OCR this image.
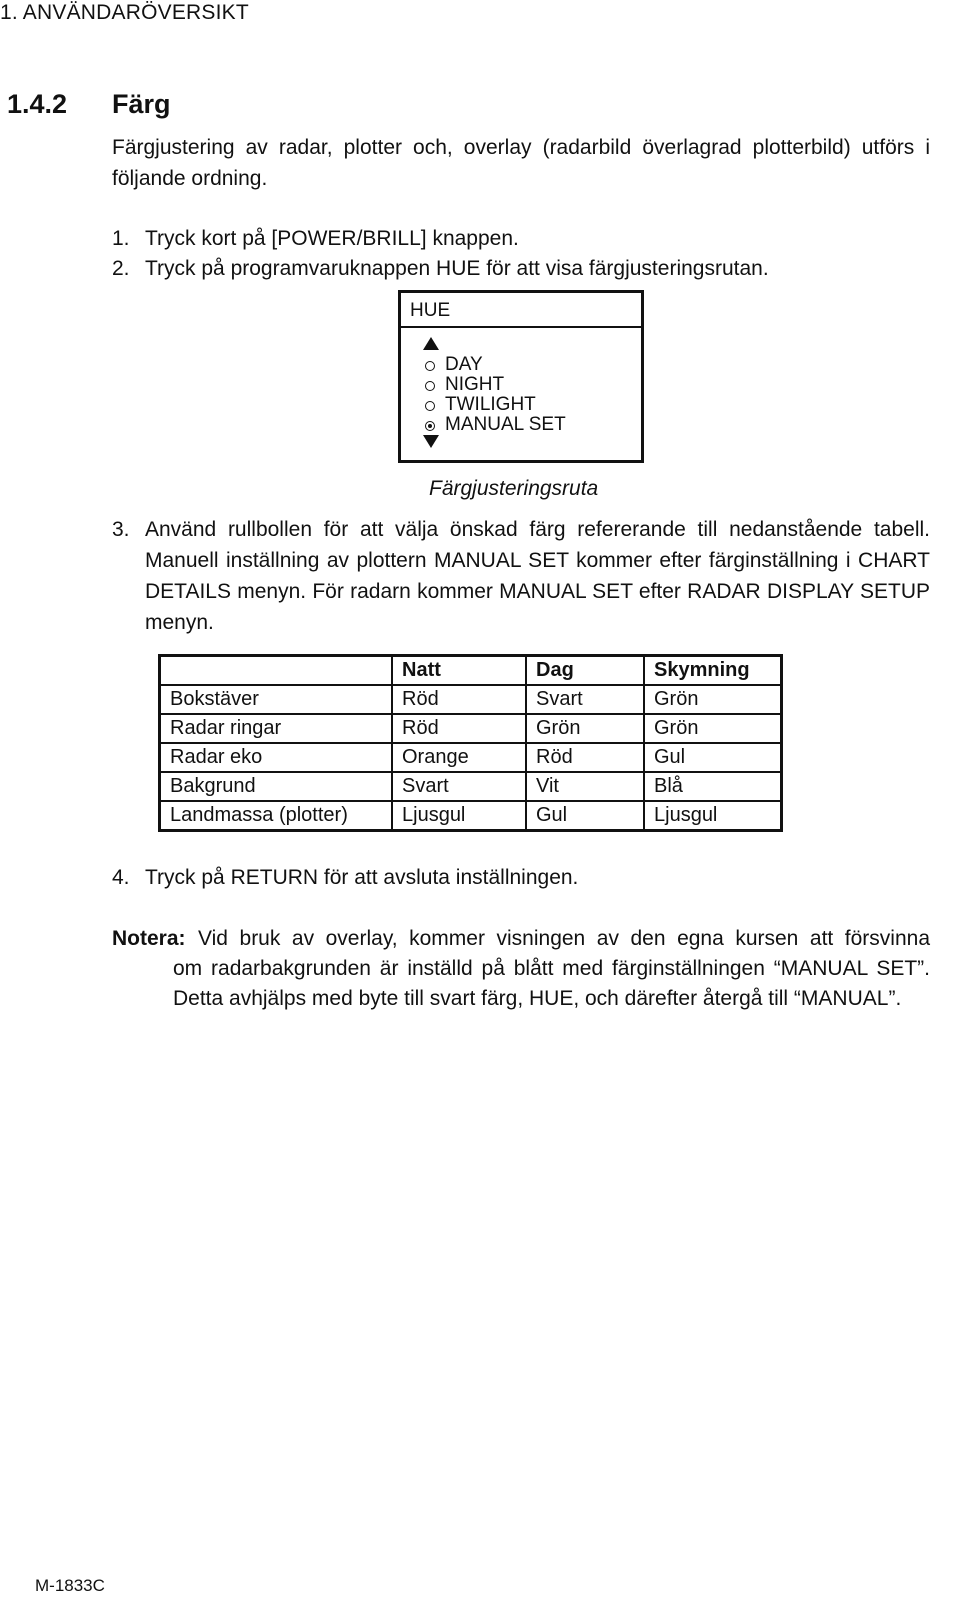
1. ANVÄNDARÖVERSIKT
1.4.2 Färg
Färgjustering av radar, plotter och, overlay (radarbild överlagrad plotterbild) utförs i följande ordning.
1. Tryck kort på [POWER/BRILL] knappen.
2. Tryck på programvaruknappen HUE för att visa färgjusteringsrutan.
HUE
DAY
NIGHT
TWILIGHT
MANUAL SET
Färgjusteringsruta
3. Använd rullbollen för att välja önskad färg refererande till nedanstående tabell. Manuell inställning av plottern MANUAL SET kommer efter färginställning i CHART DETAILS menyn. För radarn kommer MANUAL SET efter RADAR DISPLAY SETUP menyn.
	Natt	Dag	Skymning
Bokstäver	Röd	Svart	Grön
Radar ringar	Röd	Grön	Grön
Radar eko	Orange	Röd	Gul
Bakgrund	Svart	Vit	Blå
Landmassa (plotter)	Ljusgul	Gul	Ljusgul
4. Tryck på RETURN för att avsluta inställningen.
Notera: Vid bruk av overlay, kommer visningen av den egna kursen att försvinna
om radarbakgrunden är inställd på blått med färginställningen “MANUAL SET”. Detta avhjälps med byte till svart färg, HUE, och därefter återgå till “MANUAL”.
M-1833C
